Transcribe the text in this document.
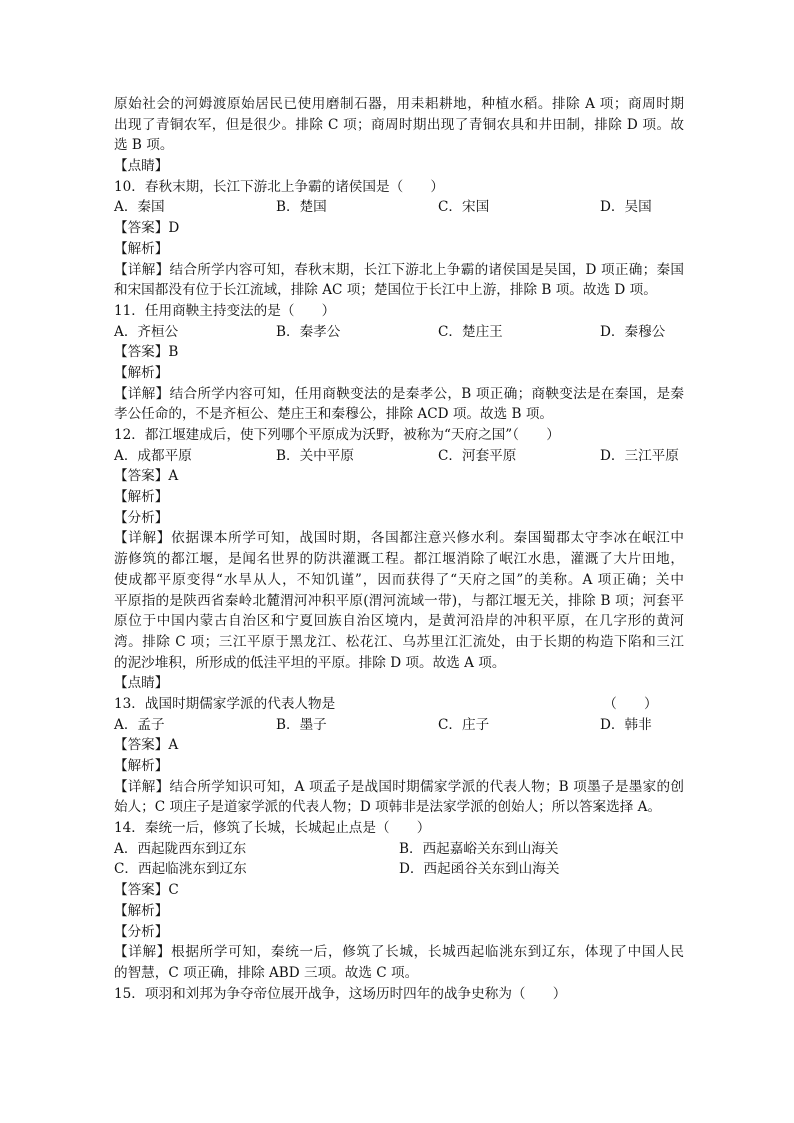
原始社会的河姆渡原始居民已使用磨制石器，用耒耜耕地，种植水稻。排除 A 项；商周时期
出现了青铜农军，但是很少。排除 C 项；商周时期出现了青铜农具和井田制，排除 D 项。故
选 B 项。
【点睛】
10．春秋末期，长江下游北上争霸的诸侯国是（　　）
A．秦国	B．楚国	C．宋国	D．吴国
【答案】D
【解析】
【详解】结合所学内容可知，春秋末期，长江下游北上争霸的诸侯国是吴国，D 项正确；秦国
和宋国都没有位于长江流域，排除 AC 项；楚国位于长江中上游，排除 B 项。故选 D 项。
11．任用商鞅主持变法的是（　　）
A．齐桓公	B．秦孝公	C．楚庄王	D．秦穆公
【答案】B
【解析】
【详解】结合所学内容可知，任用商鞅变法的是秦孝公，B 项正确；商鞅变法是在秦国，是秦
孝公任命的，不是齐桓公、楚庄王和秦穆公，排除 ACD 项。故选 B 项。
12．都江堰建成后，使下列哪个平原成为沃野，被称为“天府之国”（　　）
A．成都平原	B．关中平原	C．河套平原	D．三江平原
【答案】A
【解析】
【分析】
【详解】依据课本所学可知，战国时期，各国都注意兴修水利。秦国蜀郡太守李冰在岷江中
游修筑的都江堰，是闻名世界的防洪灌溉工程。都江堰消除了岷江水患，灌溉了大片田地，
使成都平原变得“水旱从人，不知饥谨”，因而获得了“天府之国”的美称。A 项正确；关中
平原指的是陕西省秦岭北麓渭河冲积平原(渭河流域一带)，与都江堰无关，排除 B 项；河套平
原位于中国内蒙古自治区和宁夏回族自治区境内，是黄河沿岸的冲积平原，在几字形的黄河
湾。排除 C 项；三江平原于黑龙江、松花江、乌苏里江汇流处，由于长期的构造下陷和三江
的泥沙堆积，所形成的低洼平坦的平原。排除 D 项。故选 A 项。
【点睛】
13．战国时期儒家学派的代表人物是	（　　）
A．孟子	B．墨子	C．庄子	D．韩非
【答案】A
【解析】
【详解】结合所学知识可知，A 项孟子是战国时期儒家学派的代表人物；B 项墨子是墨家的创
始人；C 项庄子是道家学派的代表人物；D 项韩非是法家学派的创始人；所以答案选择 A。
14．秦统一后，修筑了长城，长城起止点是（　　）
A．西起陇西东到辽东	B．西起嘉峪关东到山海关
C．西起临洮东到辽东	D．西起函谷关东到山海关
【答案】C
【解析】
【分析】
【详解】根据所学可知，秦统一后，修筑了长城，长城西起临洮东到辽东，体现了中国人民
的智慧，C 项正确，排除 ABD 三项。故选 C 项。
15．项羽和刘邦为争夺帝位展开战争，这场历时四年的战争史称为（　　）
